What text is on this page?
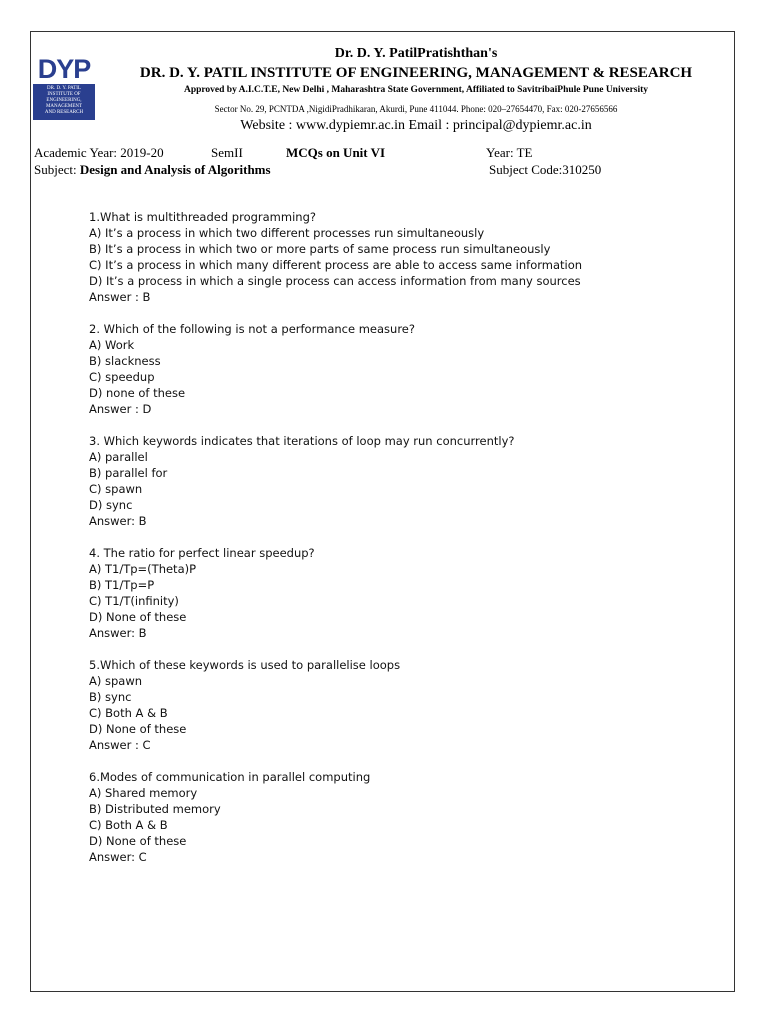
DYP
DR. D. Y. PATIL
INSTITUTE OF
ENGINEERING,
MANAGEMENT
AND RESEARCH
Dr. D. Y. PatilPratishthan's
DR. D. Y. PATIL INSTITUTE OF ENGINEERING, MANAGEMENT & RESEARCH
Approved by A.I.C.T.E, New Delhi , Maharashtra State Government, Affiliated to SavitribaiPhule Pune University
Sector No. 29, PCNTDA ,NigidiPradhikaran, Akurdi, Pune 411044. Phone: 020–27654470, Fax: 020-27656566
Website : www.dypiemr.ac.in Email : principal@dypiemr.ac.in
Academic Year: 2019-20	SemII	MCQs on Unit VI	Year: TE
Subject: Design and Analysis of Algorithms	Subject Code:310250
1.What is multithreaded programming?
A) It’s a process in which two different processes run simultaneously
B) It’s a process in which two or more parts of same process run simultaneously
C) It’s a process in which many different process are able to access same information
D) It’s a process in which a single process can access information from many sources
Answer : B
2. Which of the following is not a performance measure?
A) Work
B) slackness
C) speedup
D) none of these
Answer : D
3. Which keywords indicates that iterations of loop may run concurrently?
A) parallel
B) parallel for
C) spawn
D) sync
Answer: B
4. The ratio for perfect linear speedup?
A) T1/Tp=(Theta)P
B) T1/Tp=P
C) T1/T(infinity)
D) None of these
Answer: B
5.Which of these keywords is used to parallelise loops
A) spawn
B) sync
C) Both A & B
D) None of these
Answer : C
6.Modes of communication in parallel computing
A) Shared memory
B) Distributed memory
C) Both A & B
D) None of these
Answer: C
